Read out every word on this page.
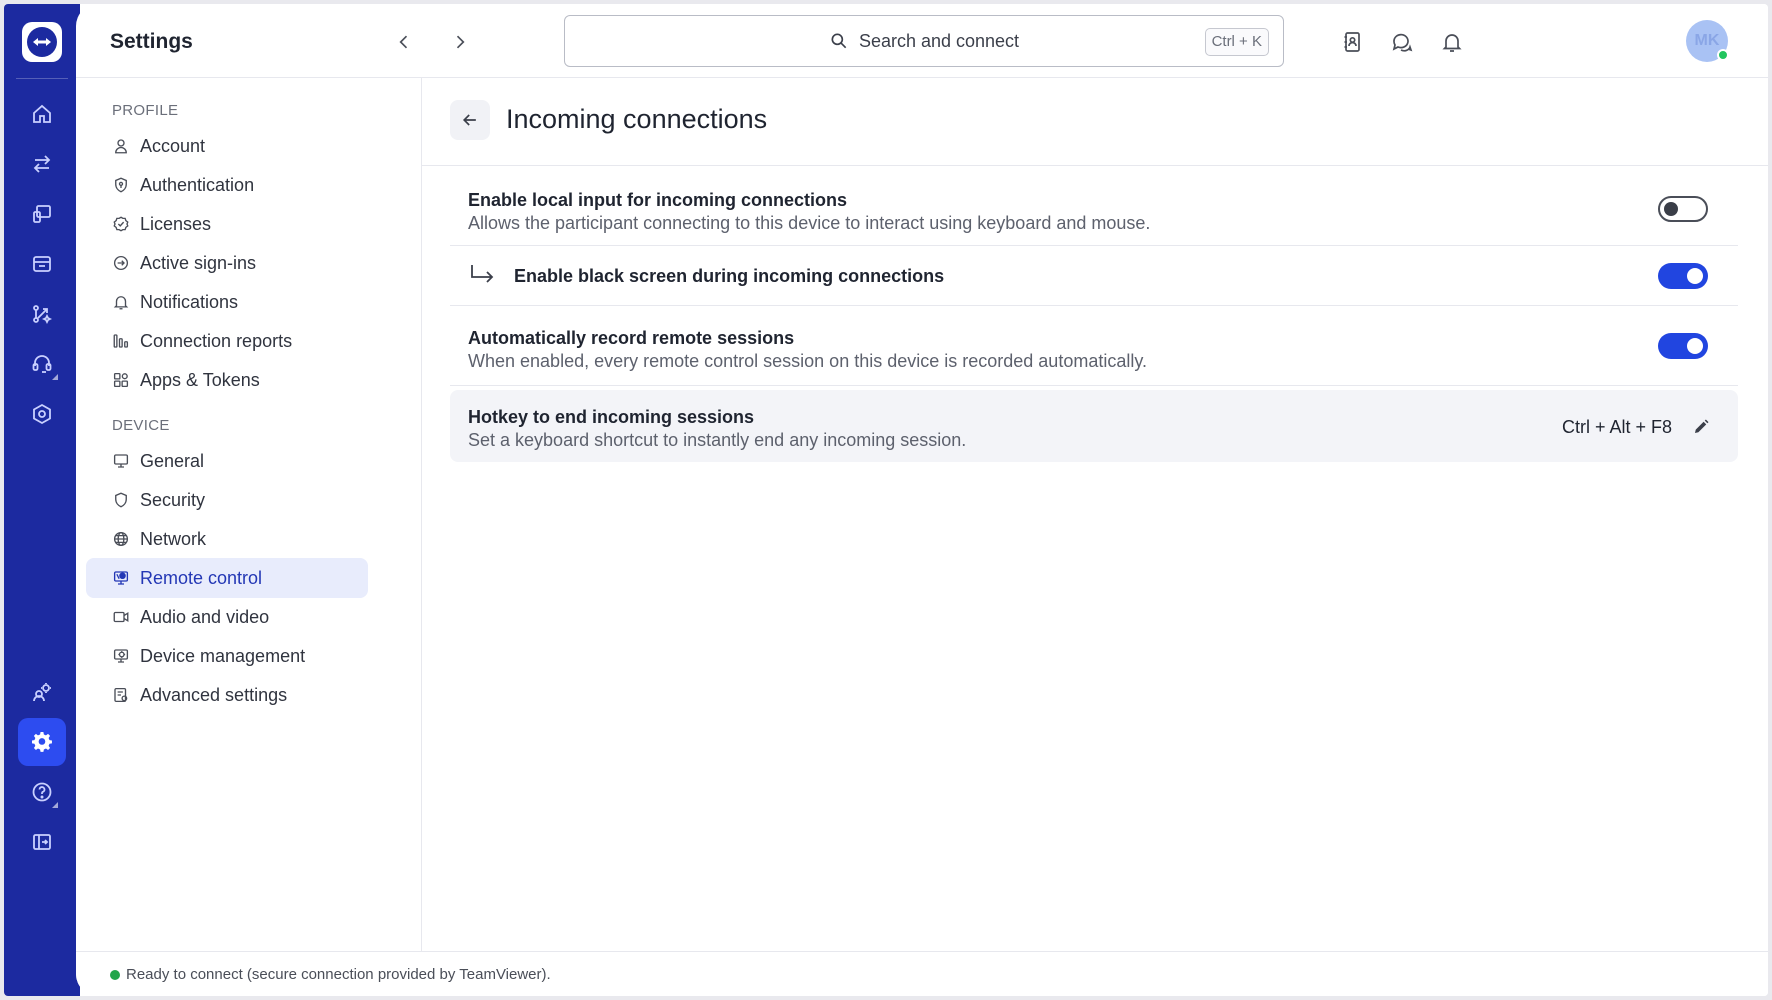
Settings	Search and connect	Ctrl + K	MK
PROFILE
Account
Authentication
Licenses
Active sign-ins
Notifications
Connection reports
Apps & Tokens
DEVICE
General
Security
Network
Remote control
Audio and video
Device management
Advanced settings
Incoming connections
Enable local input for incoming connections
Allows the participant connecting to this device to interact using keyboard and mouse.
Enable black screen during incoming connections
Automatically record remote sessions
When enabled, every remote control session on this device is recorded automatically.
Hotkey to end incoming sessions
Set a keyboard shortcut to instantly end any incoming session.
Ctrl + Alt + F8
Ready to connect (secure connection provided by TeamViewer).
